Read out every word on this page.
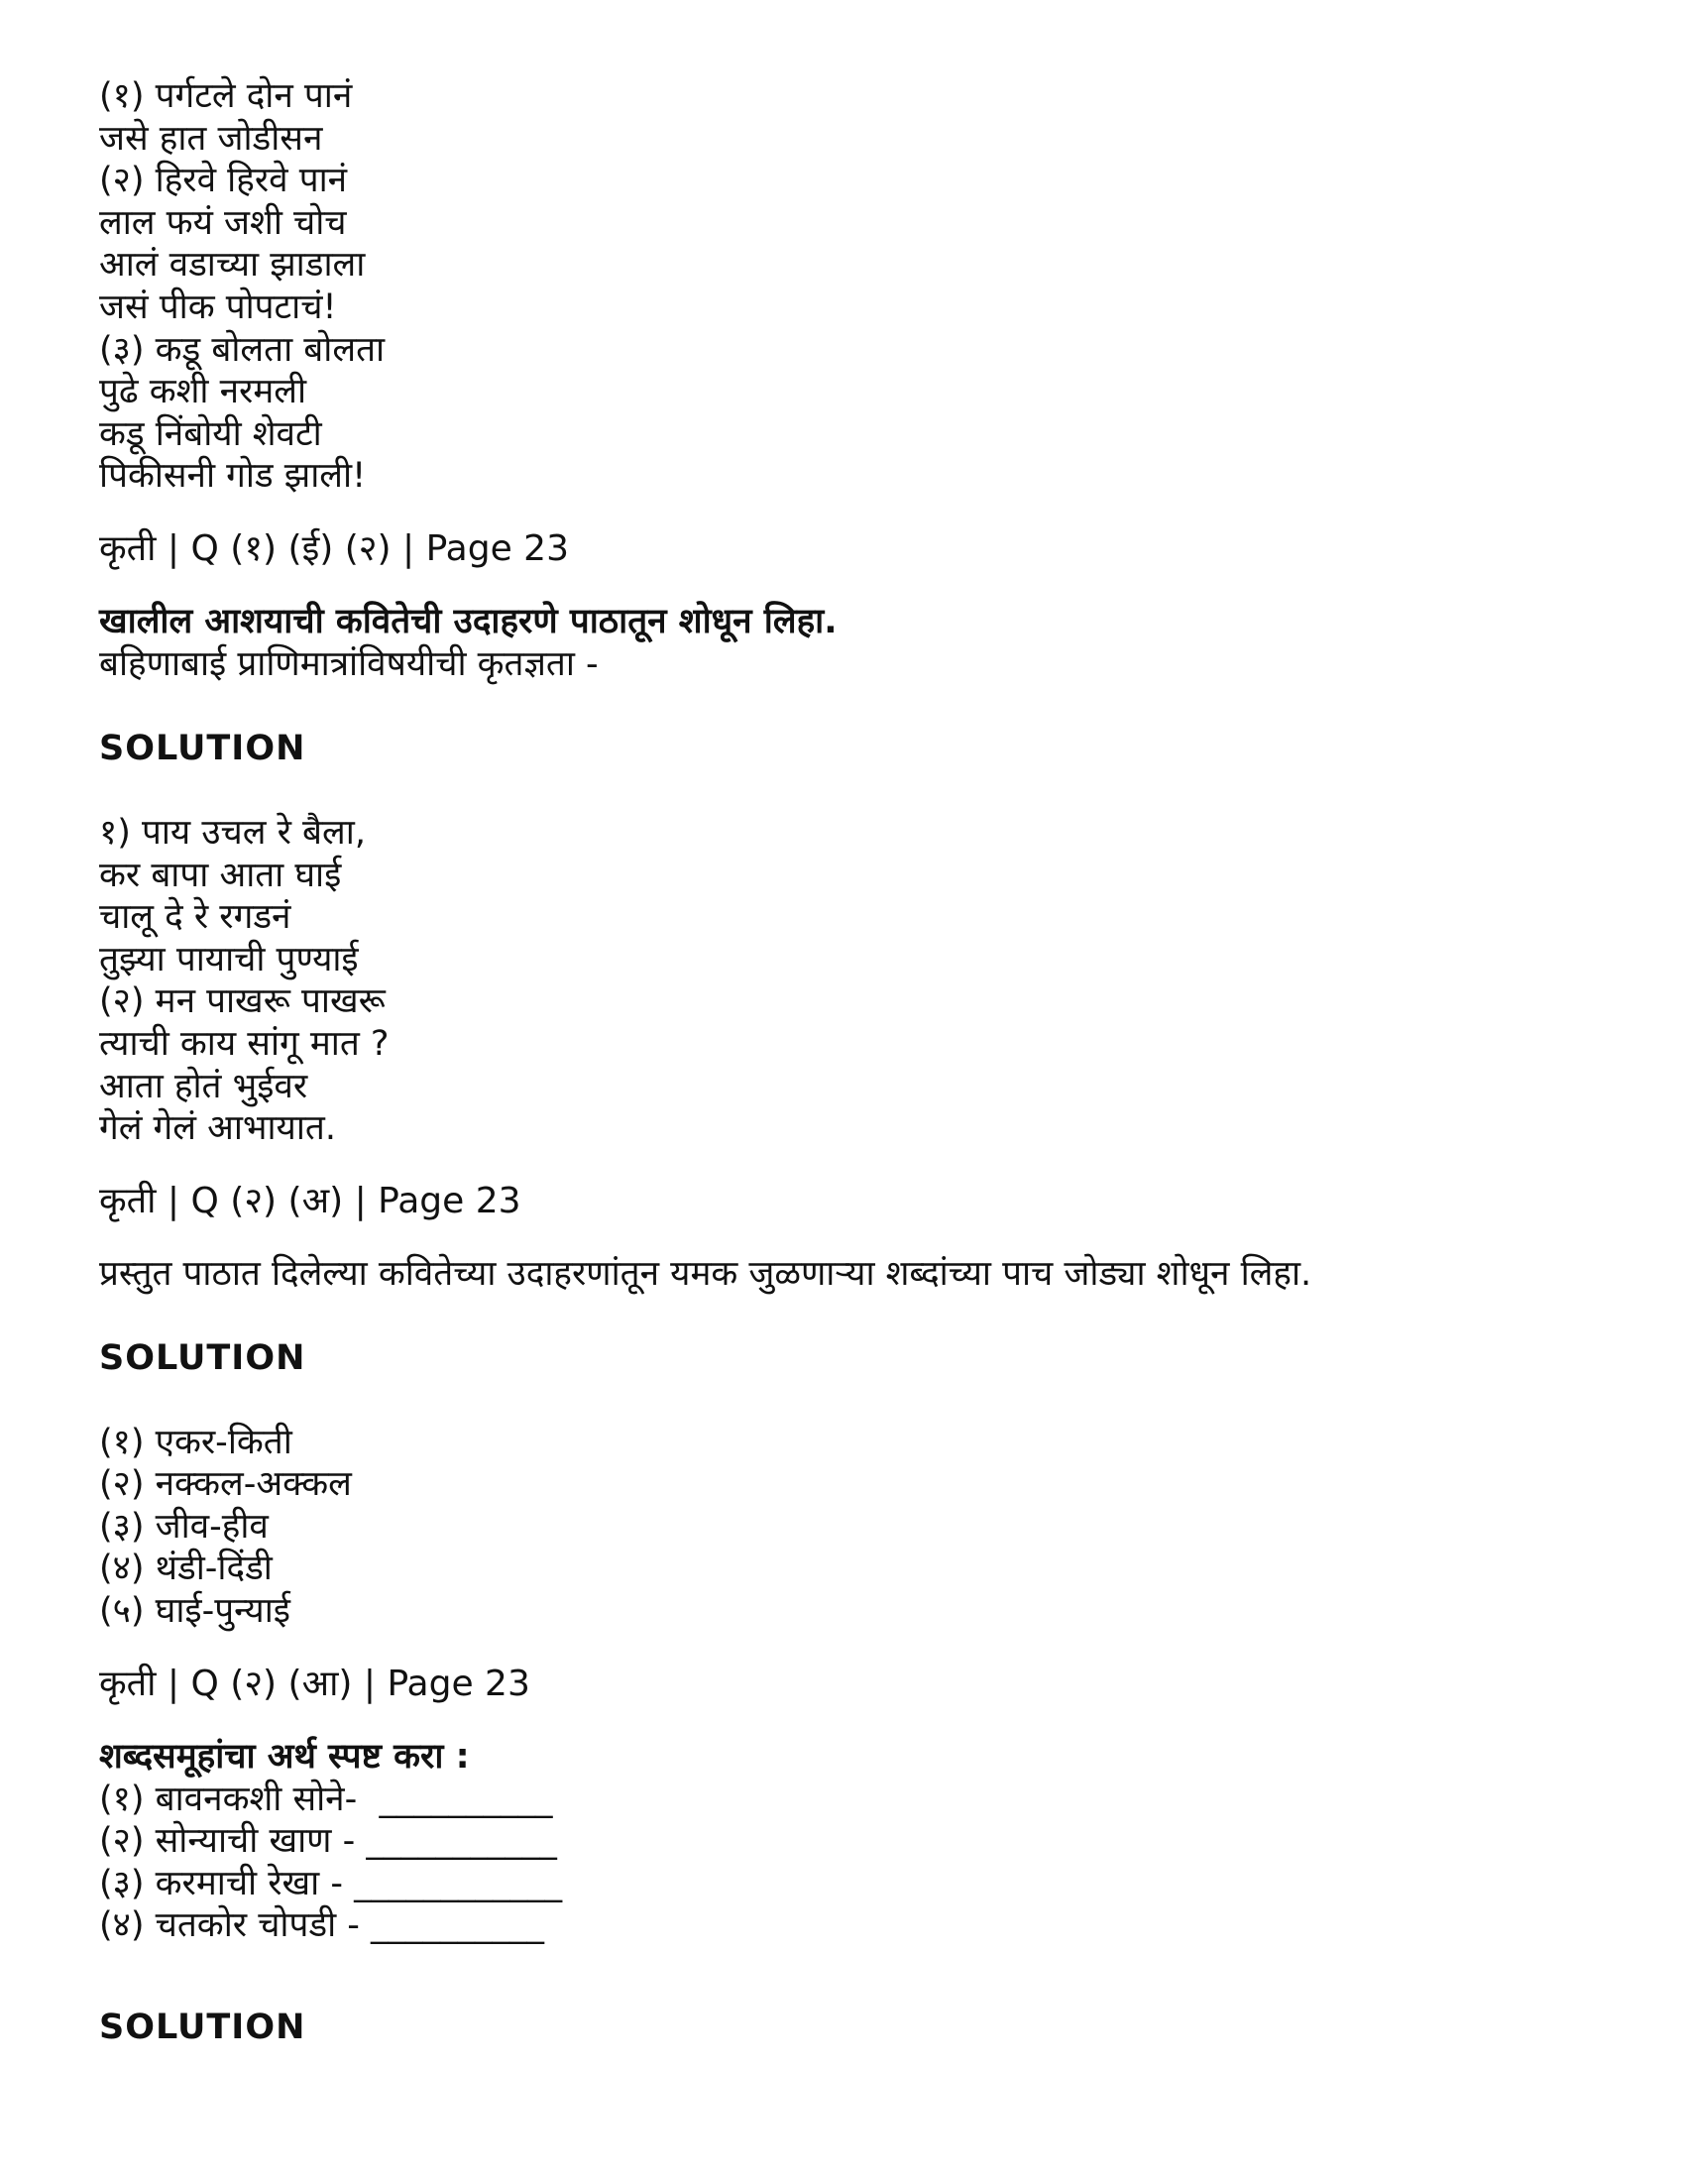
(१) पर्गटले दोन पानं
जसे हात जोडीसन
(२) हिरवे हिरवे पानं
लाल फयं जशी चोच
आलं वडाच्या झाडाला
जसं पीक पोपटाचं!
(३) कडू बोलता बोलता
पुढे कशी नरमली
कडू निंबोयी शेवटी
पिकीसनी गोड झाली!
कृती | Q (१) (ई) (२) | Page 23
खालील आशयाची कवितेची उदाहरणे पाठातून शोधून लिहा.
बहिणाबाई प्राणिमात्रांविषयीची कृतज्ञता -
SOLUTION
१) पाय उचल रे बैला,
कर बापा आता घाई
चालू दे रे रगडनं
तुझ्या पायाची पुण्याई
(२) मन पाखरू पाखरू
त्याची काय सांगू मात ?
आता होतं भुईवर
गेलं गेलं आभायात.
कृती | Q (२) (अ) | Page 23
प्रस्तुत पाठात दिलेल्या कवितेच्या उदाहरणांतून यमक जुळणाऱ्या शब्दांच्या पाच जोड्या शोधून लिहा.
SOLUTION
(१) एकर-किती
(२) नक्कल-अक्कल
(३) जीव-हीव
(४) थंडी-दिंडी
(५) घाई-पुन्याई
कृती | Q (२) (आ) | Page 23
शब्दसमूहांचा अर्थ स्पष्ट करा :
(१) बावनकशी सोने-  __________
(२) सोन्याची खाण - ___________
(३) करमाची रेखा - ____________
(४) चतकोर चोपडी - __________
SOLUTION
